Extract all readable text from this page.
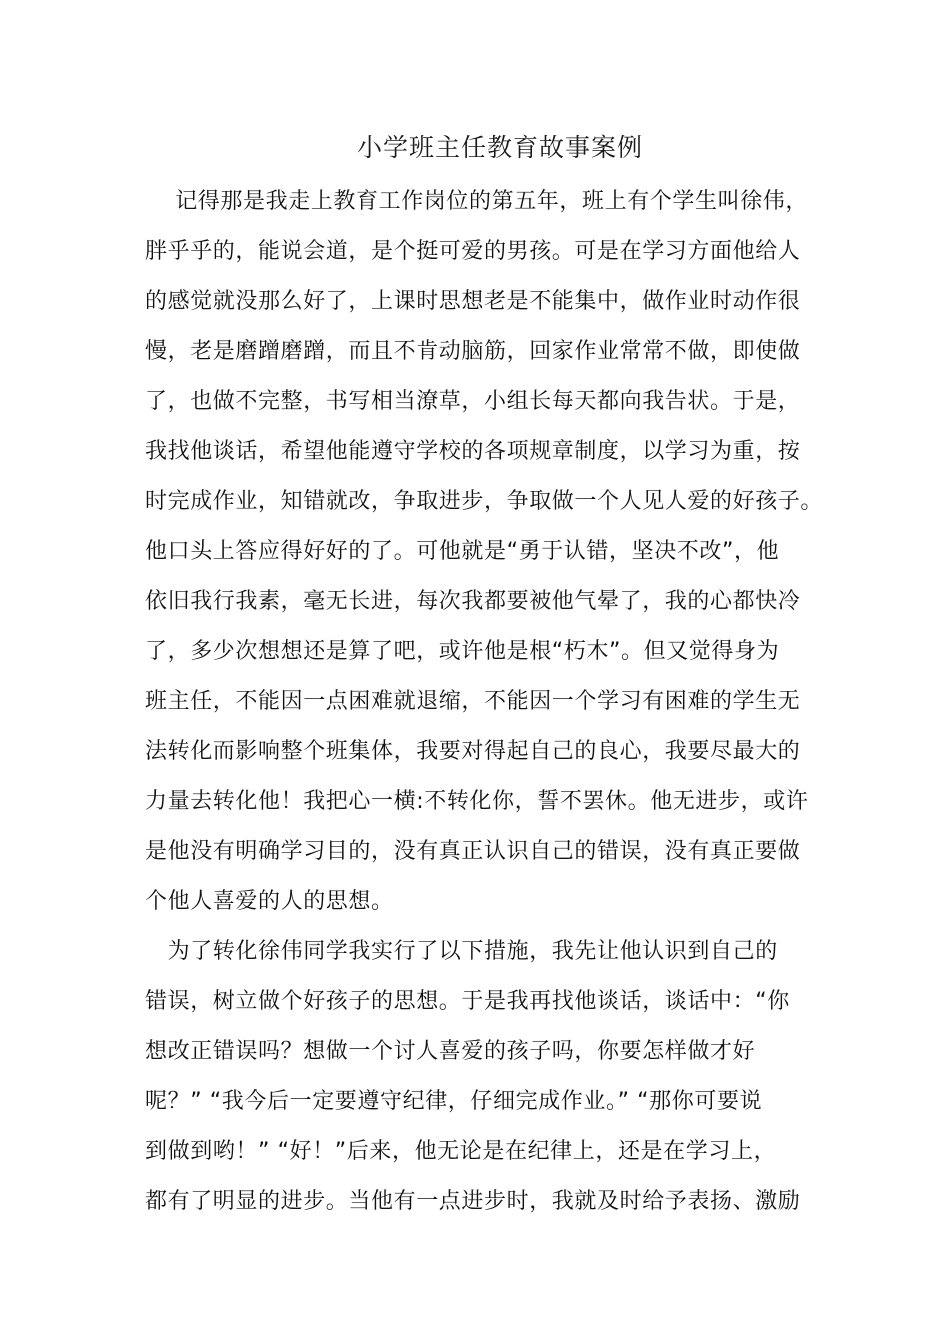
小学班主任教育故事案例
　 记得那是我走上教育工作岗位的第五年，班上有个学生叫徐伟，
胖乎乎的，能说会道，是个挺可爱的男孩。可是在学习方面他给人
的感觉就没那么好了，上课时思想老是不能集中，做作业时动作很
慢，老是磨蹭磨蹭，而且不肯动脑筋，回家作业常常不做，即使做
了，也做不完整，书写相当潦草，小组长每天都向我告状。于是，
我找他谈话，希望他能遵守学校的各项规章制度，以学习为重，按
时完成作业，知错就改，争取进步，争取做一个人见人爱的好孩子。
他口头上答应得好好的了。可他就是“勇于认错，坚决不改”，他
依旧我行我素，毫无长进，每次我都要被他气晕了，我的心都快冷
了，多少次想想还是算了吧，或许他是根“朽木”。但又觉得身为
班主任，不能因一点困难就退缩，不能因一个学习有困难的学生无
法转化而影响整个班集体，我要对得起自己的良心，我要尽最大的
力量去转化他！我把心一横:不转化你，誓不罢休。他无进步，或许
是他没有明确学习目的，没有真正认识自己的错误，没有真正要做
个他人喜爱的人的思想。
　为了转化徐伟同学我实行了以下措施，我先让他认识到自己的
错误，树立做个好孩子的思想。于是我再找他谈话，谈话中：“你
想改正错误吗？想做一个讨人喜爱的孩子吗，你要怎样做才好
呢？” “我今后一定要遵守纪律，仔细完成作业。” “那你可要说
到做到哟！” “好！”后来，他无论是在纪律上，还是在学习上，
都有了明显的进步。当他有一点进步时，我就及时给予表扬、激励
